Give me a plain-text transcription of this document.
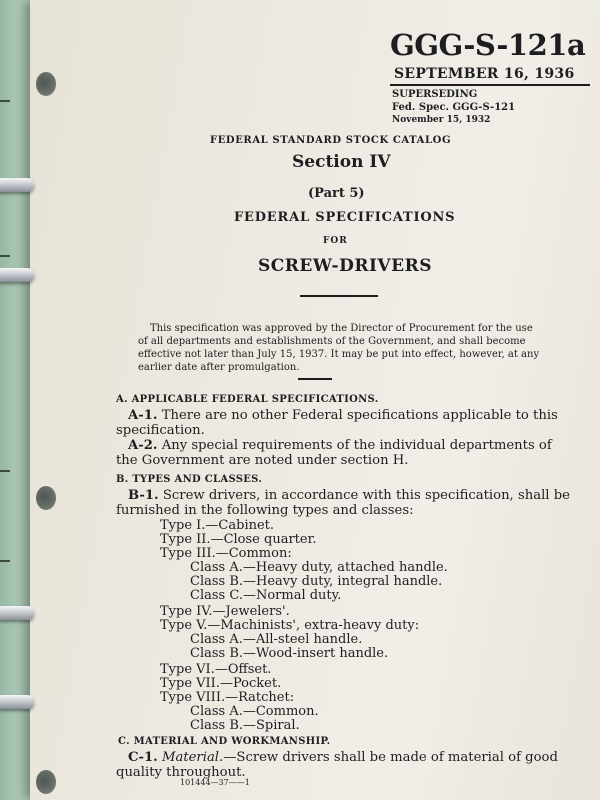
GGG-S-121a
SEPTEMBER 16, 1936
SUPERSEDING
Fed. Spec. GGG-S-121
November 15, 1932
FEDERAL STANDARD STOCK CATALOG
Section IV
(Part 5)
FEDERAL SPECIFICATIONS
FOR
SCREW-DRIVERS
This specification was approved by the Director of Procurement for the use
of all departments and establishments of the Government, and shall become
effective not later than July 15, 1937. It may be put into effect, however, at any
earlier date after promulgation.
A. APPLICABLE FEDERAL SPECIFICATIONS.
A-1. There are no other Federal specifications applicable to this
specification.
A-2. Any special requirements of the individual departments of
the Government are noted under section H.
B. TYPES AND CLASSES.
B-1. Screw drivers, in accordance with this specification, shall be
furnished in the following types and classes:
Type I.—Cabinet.
Type II.—Close quarter.
Type III.—Common:
Class A.—Heavy duty, attached handle.
Class B.—Heavy duty, integral handle.
Class C.—Normal duty.
Type IV.—Jewelers'.
Type V.—Machinists', extra-heavy duty:
Class A.—All-steel handle.
Class B.—Wood-insert handle.
Type VI.—Offset.
Type VII.—Pocket.
Type VIII.—Ratchet:
Class A.—Common.
Class B.—Spiral.
C. MATERIAL AND WORKMANSHIP.
C-1. Material.—Screw drivers shall be made of material of good
quality throughout.
101444—37——1
